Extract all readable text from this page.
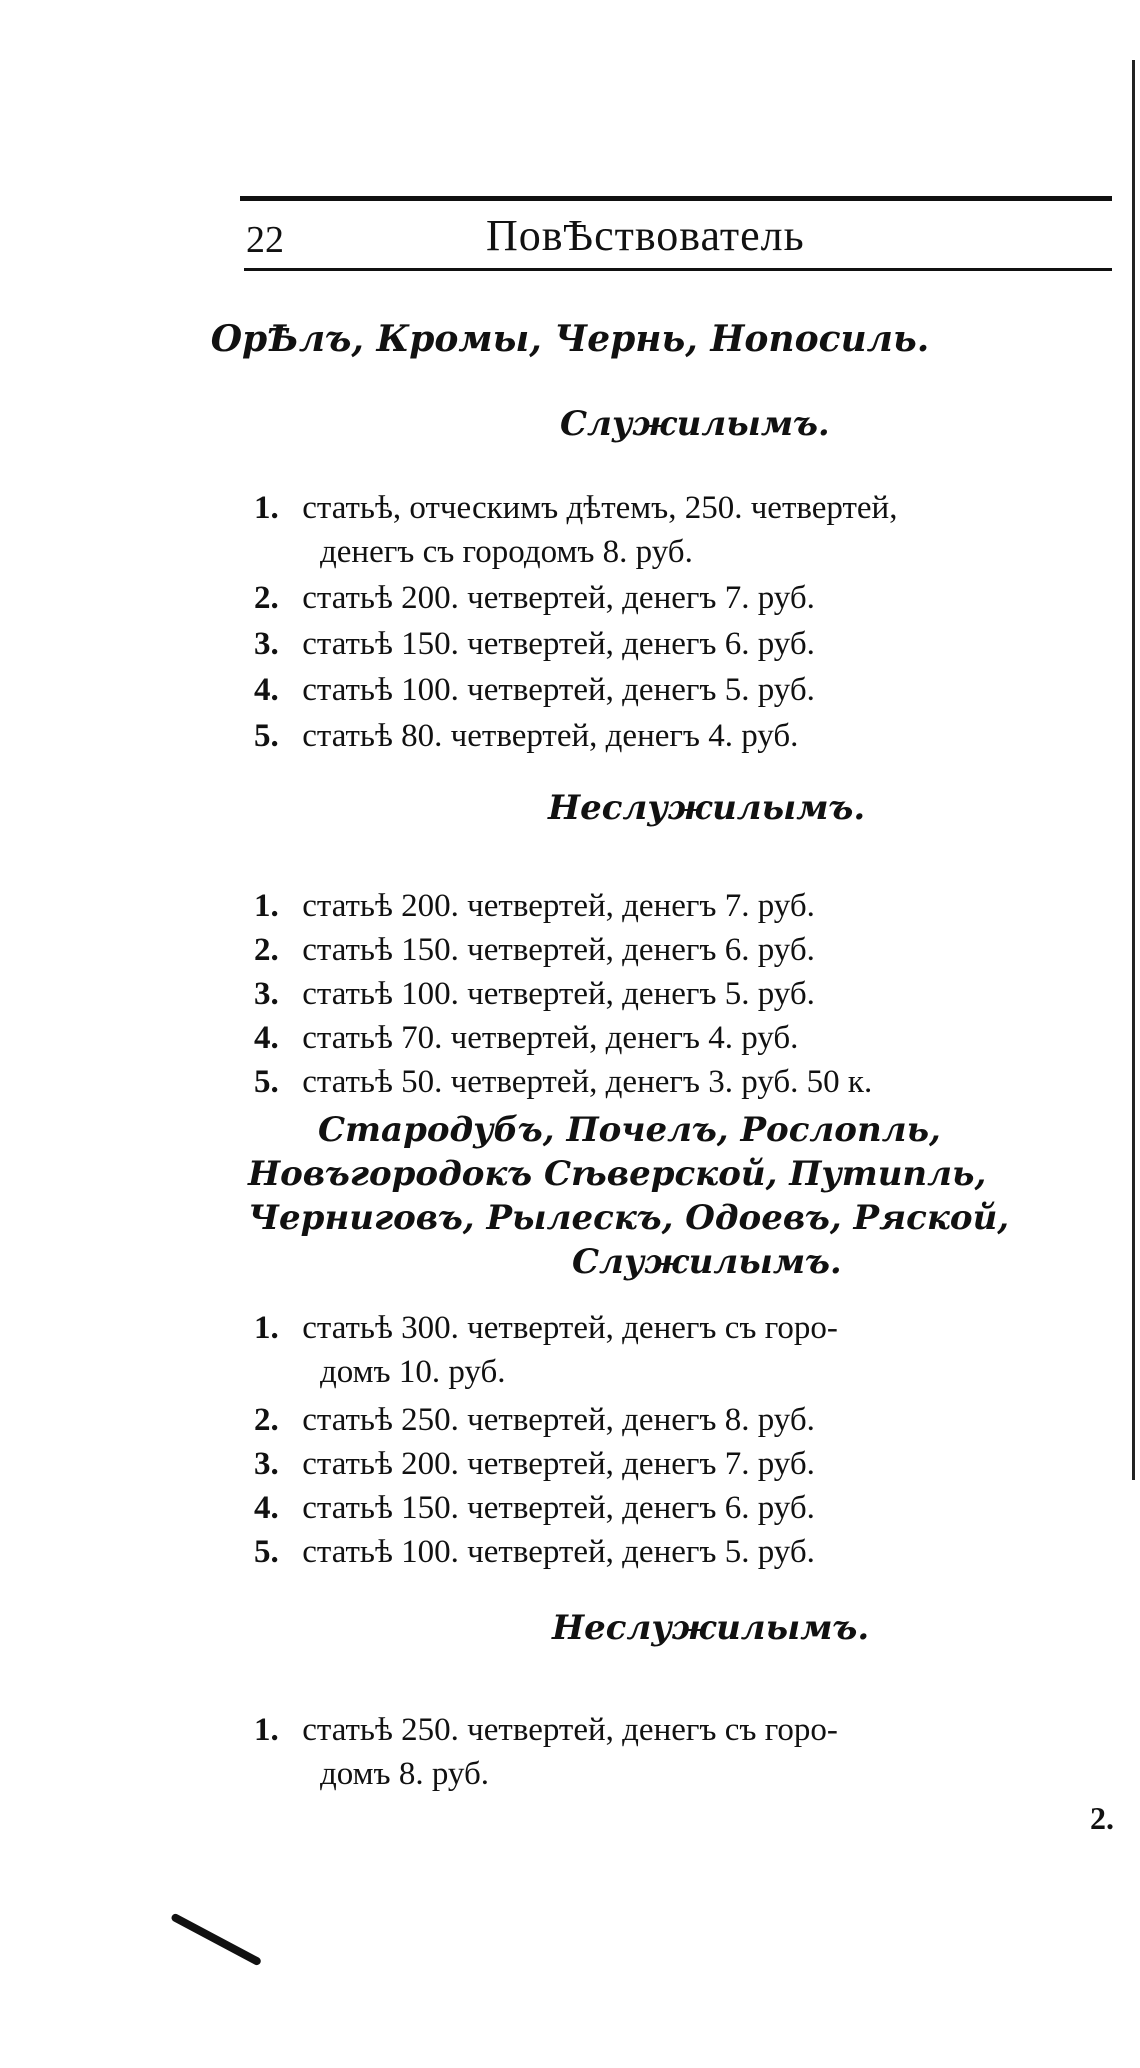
22	ПовѢствователь
ОрѢлъ, Кромы, Чернь, Нопосиль.
Служилымъ.
1. статьѣ, отческимъ дѣтемъ, 250. четвертей,
денегъ съ городомъ 8. руб.
2. статьѣ 200. четвертей, денегъ 7. руб.
3. статьѣ 150. четвертей, денегъ 6. руб.
4. статьѣ 100. четвертей, денегъ 5. руб.
5. статьѣ 80. четвертей, денегъ 4. руб.
Неслужилымъ.
1. статьѣ 200. четвертей, денегъ 7. руб.
2. статьѣ 150. четвертей, денегъ 6. руб.
3. статьѣ 100. четвертей, денегъ 5. руб.
4. статьѣ 70. четвертей, денегъ 4. руб.
5. статьѣ 50. четвертей, денегъ 3. руб. 50 к.
Стародубъ, Почелъ, Рослопль, Новъгородокъ Сѣверской, Путипль, Черниговъ, Рылескъ, Одоевъ, Ряской,
Служилымъ.
1. статьѣ 300. четвертей, денегъ съ горо-
домъ 10. руб.
2. статьѣ 250. четвертей, денегъ 8. руб.
3. статьѣ 200. четвертей, денегъ 7. руб.
4. статьѣ 150. четвертей, денегъ 6. руб.
5. статьѣ 100. четвертей, денегъ 5. руб.
Неслужилымъ.
1. статьѣ 250. четвертей, денегъ съ горо-
домъ 8. руб.
2.
